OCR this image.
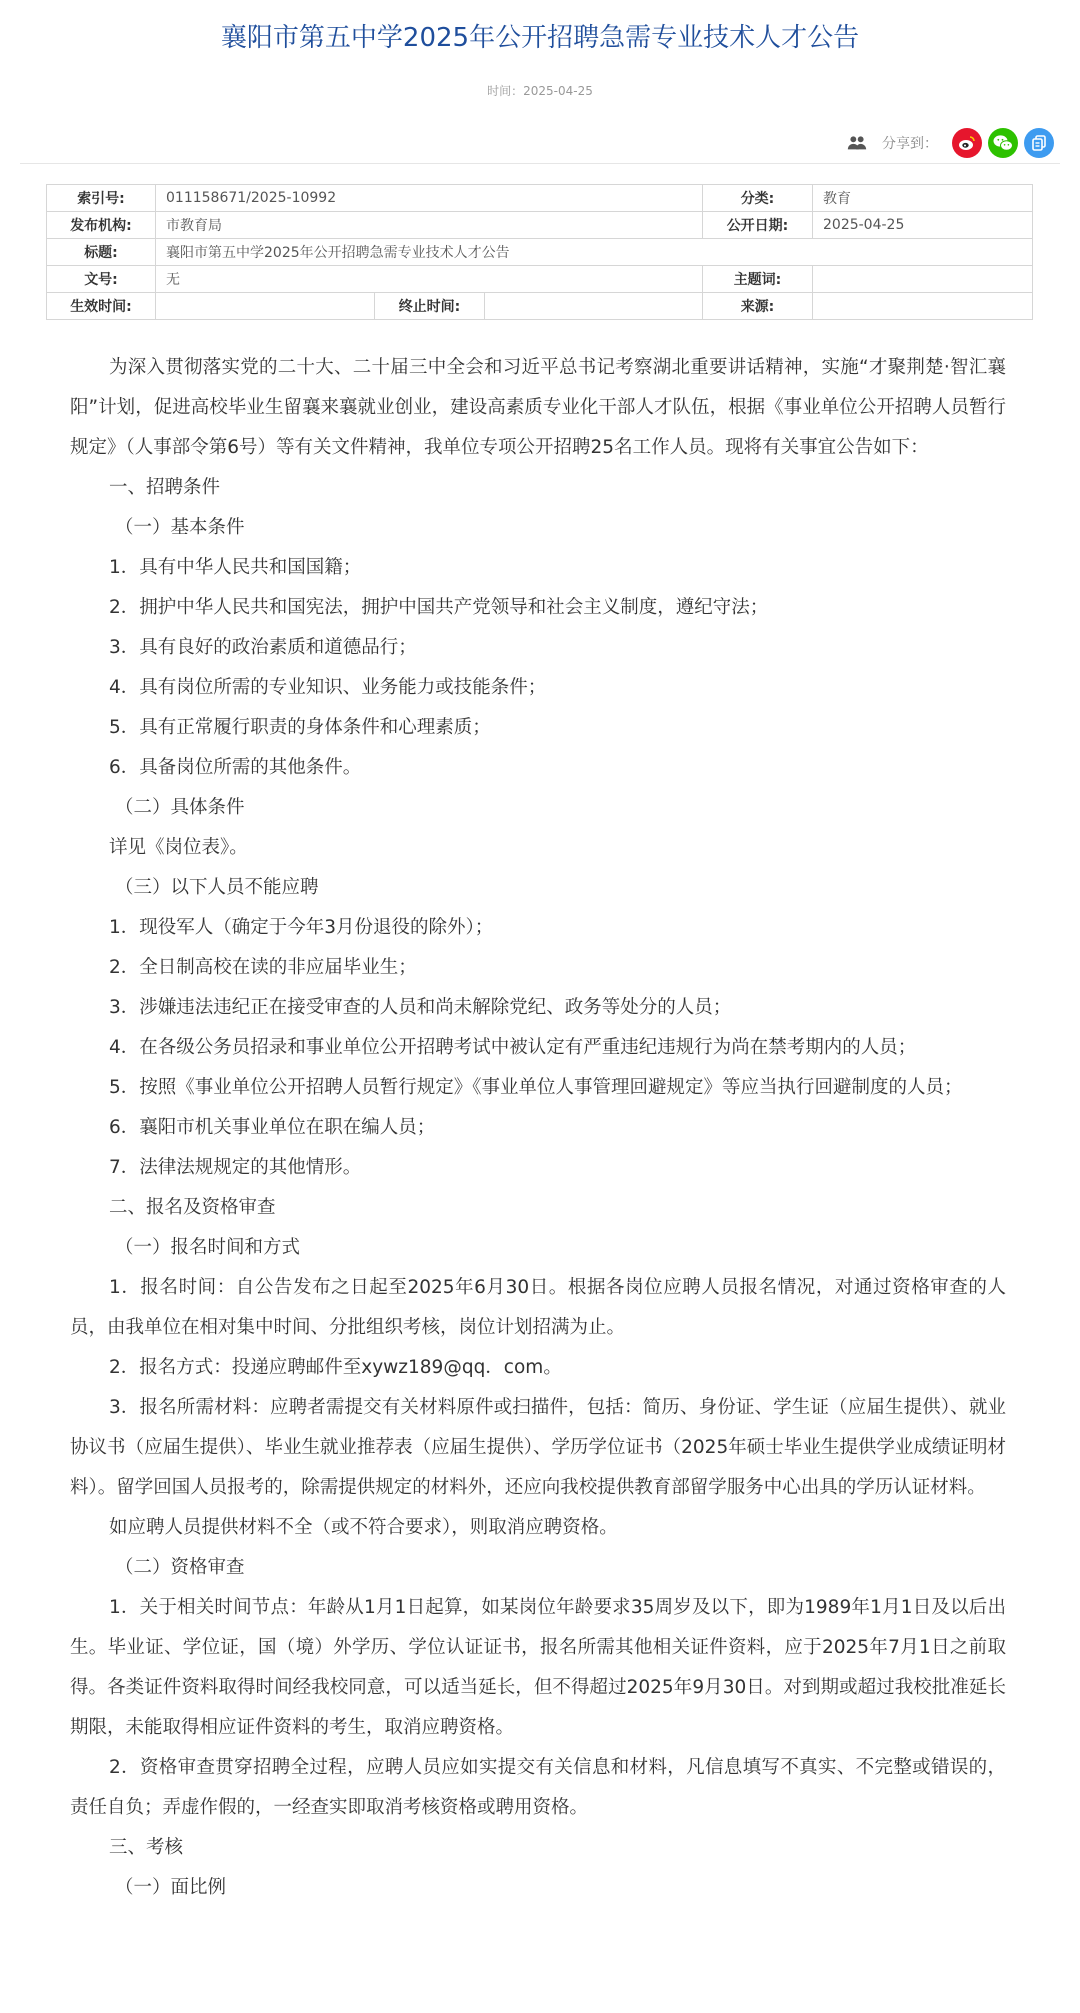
襄阳市第五中学2025年公开招聘急需专业技术人才公告
时间：2025-04-25
分享到：
索引号:	011158671/2025-10992			分类:	教育
发布机构:	市教育局			公开日期:	2025-04-25
标题:	襄阳市第五中学2025年公开招聘急需专业技术人才公告				
文号:	无			主题词:	
生效时间:		终止时间:		来源:	

为深入贯彻落实党的二十大、二十届三中全会和习近平总书记考察湖北重要讲话精神，实施“才聚荆楚·智汇襄阳”计划，促进高校毕业生留襄来襄就业创业，建设高素质专业化干部人才队伍，根据《事业单位公开招聘人员暂行规定》（人事部令第6号）等有关文件精神，我单位专项公开招聘25名工作人员。现将有关事宜公告如下：

一、招聘条件

（一）基本条件

1．具有中华人民共和国国籍；

2．拥护中华人民共和国宪法，拥护中国共产党领导和社会主义制度，遵纪守法；

3．具有良好的政治素质和道德品行；

4．具有岗位所需的专业知识、业务能力或技能条件；

5．具有正常履行职责的身体条件和心理素质；

6．具备岗位所需的其他条件。

（二）具体条件

详见《岗位表》。

（三）以下人员不能应聘

1．现役军人（确定于今年3月份退役的除外）；

2．全日制高校在读的非应届毕业生；

3．涉嫌违法违纪正在接受审查的人员和尚未解除党纪、政务等处分的人员；

4．在各级公务员招录和事业单位公开招聘考试中被认定有严重违纪违规行为尚在禁考期内的人员；

5．按照《事业单位公开招聘人员暂行规定》《事业单位人事管理回避规定》等应当执行回避制度的人员；

6．襄阳市机关事业单位在职在编人员；

7．法律法规规定的其他情形。

二、报名及资格审查

（一）报名时间和方式

1．报名时间：自公告发布之日起至2025年6月30日。根据各岗位应聘人员报名情况，对通过资格审查的人员，由我单位在相对集中时间、分批组织考核，岗位计划招满为止。

2．报名方式：投递应聘邮件至xywz189@qq．com。

3．报名所需材料：应聘者需提交有关材料原件或扫描件，包括：简历、身份证、学生证（应届生提供）、就业协议书（应届生提供）、毕业生就业推荐表（应届生提供）、学历学位证书（2025年硕士毕业生提供学业成绩证明材料）。留学回国人员报考的，除需提供规定的材料外，还应向我校提供教育部留学服务中心出具的学历认证材料。

如应聘人员提供材料不全（或不符合要求），则取消应聘资格。

（二）资格审查

1．关于相关时间节点：年龄从1月1日起算，如某岗位年龄要求35周岁及以下，即为1989年1月1日及以后出生。毕业证、学位证，国（境）外学历、学位认证证书，报名所需其他相关证件资料，应于2025年7月1日之前取得。各类证件资料取得时间经我校同意，可以适当延长，但不得超过2025年9月30日。对到期或超过我校批准延长期限，未能取得相应证件资料的考生，取消应聘资格。

2．资格审查贯穿招聘全过程，应聘人员应如实提交有关信息和材料，凡信息填写不真实、不完整或错误的，责任自负；弄虚作假的，一经查实即取消考核资格或聘用资格。

三、考核

（一）面比例
